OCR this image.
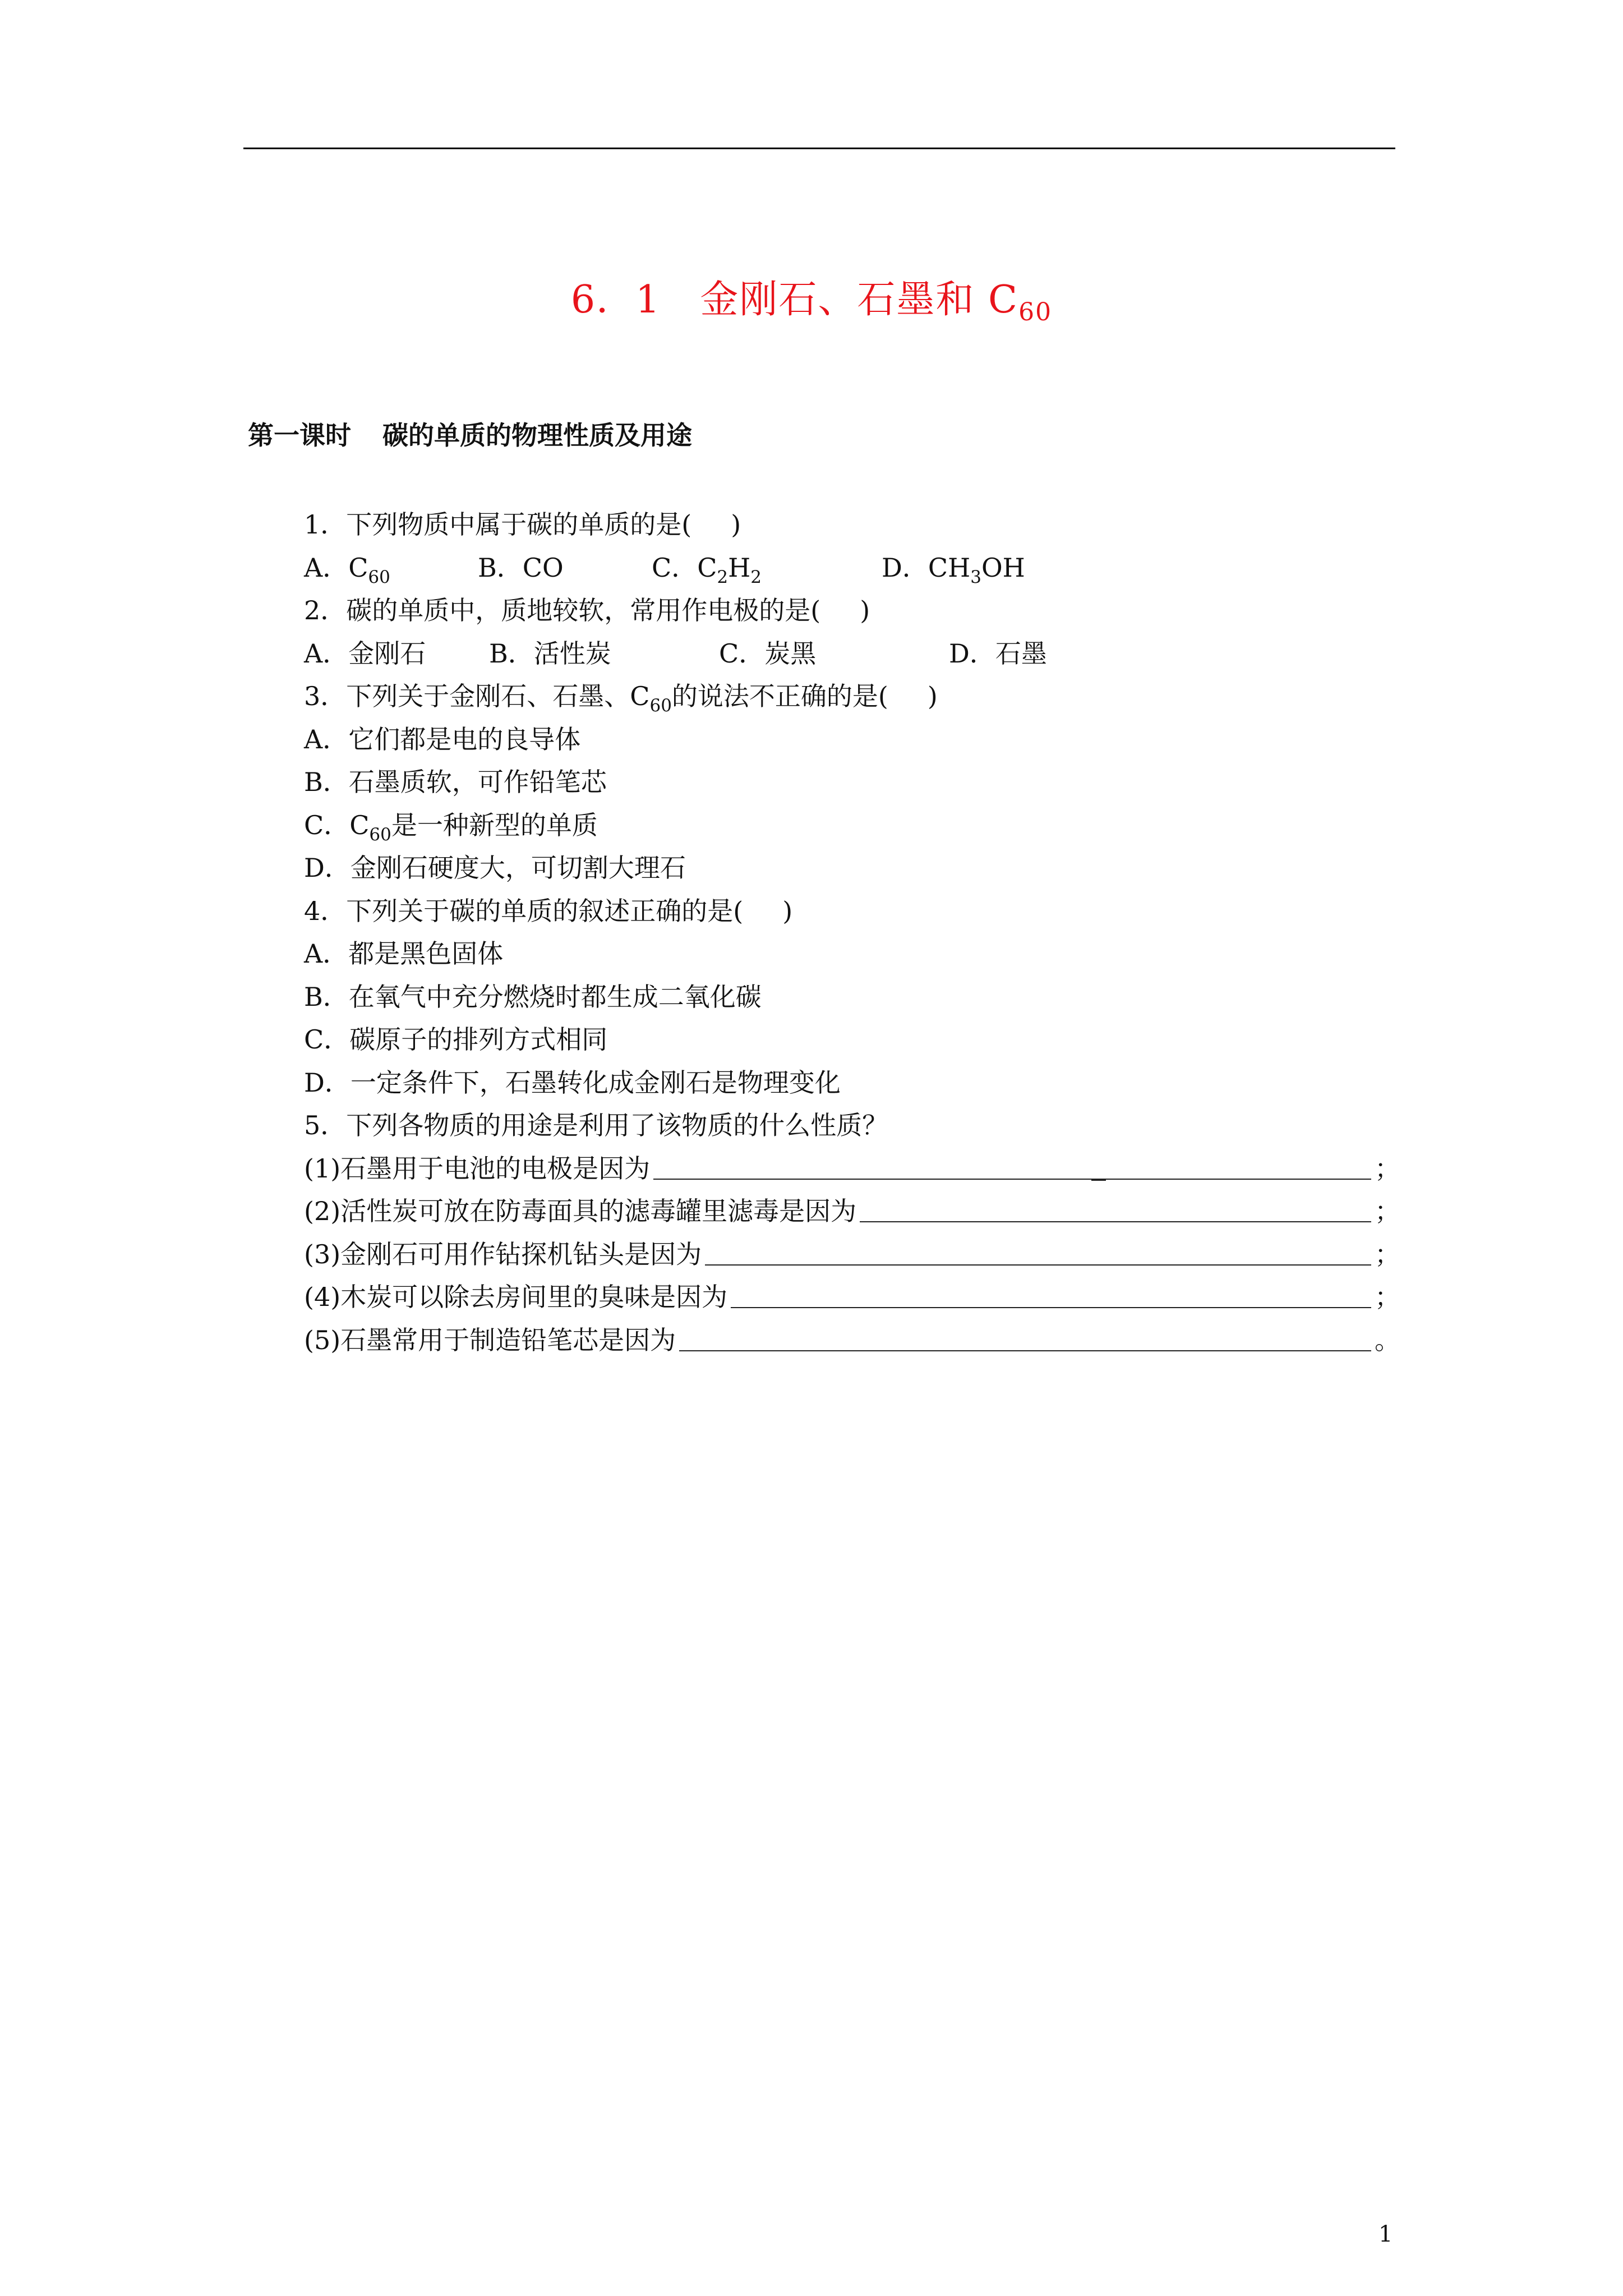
6．1　金刚石、石墨和 $C_{60}$
第一课时 碳的单质的物理性质及用途
1．下列物质中属于碳的单质的是( )
A．$C_{60}$	B．CO	C．$C_2H_2$	D．$CH_3OH$
2．碳的单质中，质地较软，常用作电极的是( )
A．金刚石 B．活性炭	C．炭黑	D．石墨
3．下列关于金刚石、石墨、$C_{60}$的说法不正确的是( )
A．它们都是电的良导体
B．石墨质软，可作铅笔芯
C．$C_{60}$是一种新型的单质
D．金刚石硬度大，可切割大理石
4．下列关于碳的单质的叙述正确的是( )
A．都是黑色固体
B．在氧气中充分燃烧时都生成二氧化碳
C．碳原子的排列方式相同
D．一定条件下，石墨转化成金刚石是物理变化
5．下列各物质的用途是利用了该物质的什么性质？
(1)石墨用于电池的电极是因为	；
(2)活性炭可放在防毒面具的滤毒罐里滤毒是因为	；
(3)金刚石可用作钻探机钻头是因为	；
(4)木炭可以除去房间里的臭味是因为	；
(5)石墨常用于制造铅笔芯是因为	。
1
